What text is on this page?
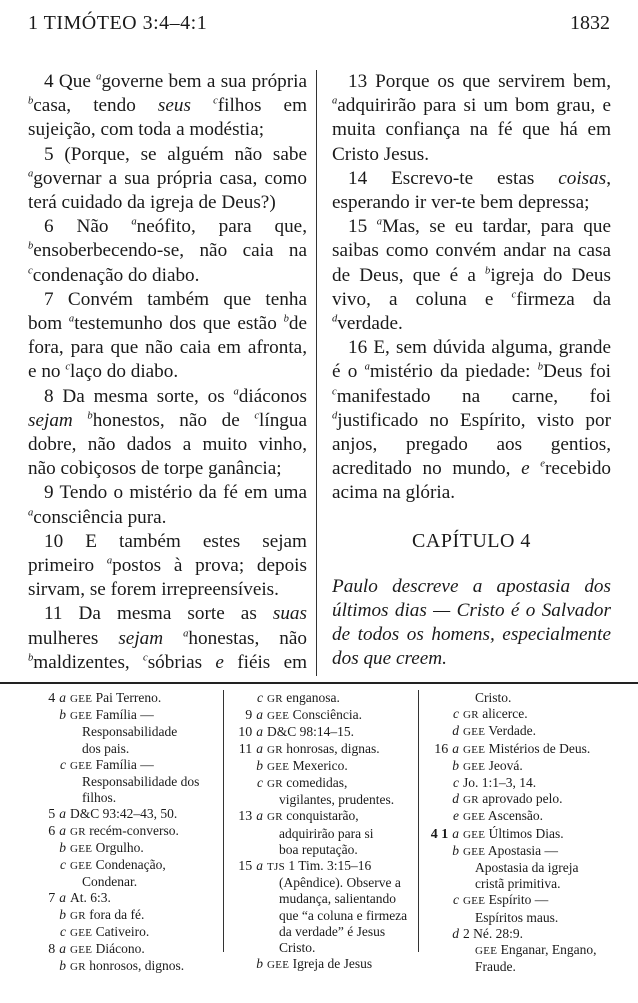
1 TIMÓTEO 3:4–4:1	1832

4 Que $^a$governe bem a sua própria $^b$casa, tendo seus $^c$filhos em sujeição, com toda a modéstia;

5 (Porque, se alguém não sabe $^a$governar a sua própria casa, como terá cuidado da igreja de Deus?)

6 Não $^a$neófito, para que, $^b$ensoberbecendo-se, não caia na $^c$condenação do diabo.

7 Convém também que tenha bom $^a$testemunho dos que estão $^b$de fora, para que não caia em afronta, e no $^c$laço do diabo.

8 Da mesma sorte, os $^a$diáconos sejam $^b$honestos, não de $^c$língua dobre, não dados a muito vinho, não cobiçosos de torpe ganância;

9 Tendo o mistério da fé em uma $^a$consciência pura.

10 E também estes sejam primeiro $^a$postos à prova; depois sirvam, se forem irrepreensíveis.

11 Da mesma sorte as suas mulheres sejam $^a$honestas, não $^b$maldizentes, $^c$sóbrias e fiéis em

13 Porque os que servirem bem, $^a$adquirirão para si um bom grau, e muita confiança na fé que há em Cristo Jesus.

14 Escrevo-te estas coisas, esperando ir ver-te bem depressa;

15 $^a$Mas, se eu tardar, para que saibas como convém andar na casa de Deus, que é a $^b$igreja do Deus vivo, a coluna e $^c$firmeza da $^d$verdade.

16 E, sem dúvida alguma, grande é o $^a$mistério da piedade: $^b$Deus foi $^c$manifestado na carne, foi $^d$justificado no Espírito, visto por anjos, pregado aos gentios, acreditado no mundo, e $^e$recebido acima na glória.

CAPÍTULO 4

Paulo descreve a apostasia dos últimos dias — Cristo é o Salvador de todos os homens, especialmente dos que creem.

4 a GEE Pai Terreno.
b GEE Família —
Responsabilidade
dos pais.
c GEE Família —
Responsabilidade dos
filhos.
5 a D&C 93:42–43, 50.
6 a GR recém-converso.
b GEE Orgulho.
c GEE Condenação,
Condenar.
7 a At. 6:3.
b GR fora da fé.
c GEE Cativeiro.
8 a GEE Diácono.
b GR honrosos, dignos.
c GR enganosa.
9 a GEE Consciência.
10 a D&C 98:14–15.
11 a GR honrosas, dignas.
b GEE Mexerico.
c GR comedidas,
vigilantes, prudentes.
13 a GR conquistarão,
adquirirão para si
boa reputação.
15 a TJS 1 Tim. 3:15–16
(Apêndice). Observe a
mudança, salientando
que “a coluna e firmeza
da verdade” é Jesus
Cristo.
b GEE Igreja de Jesus
Cristo.
c GR alicerce.
d GEE Verdade.
16 a GEE Mistérios de Deus.
b GEE Jeová.
c Jo. 1:1–3, 14.
d GR aprovado pelo.
e GEE Ascensão.
4 1 a GEE Últimos Dias.
b GEE Apostasia —
Apostasia da igreja
cristã primitiva.
c GEE Espírito —
Espíritos maus.
d 2 Né. 28:9.
GEE Enganar, Engano,
Fraude.
